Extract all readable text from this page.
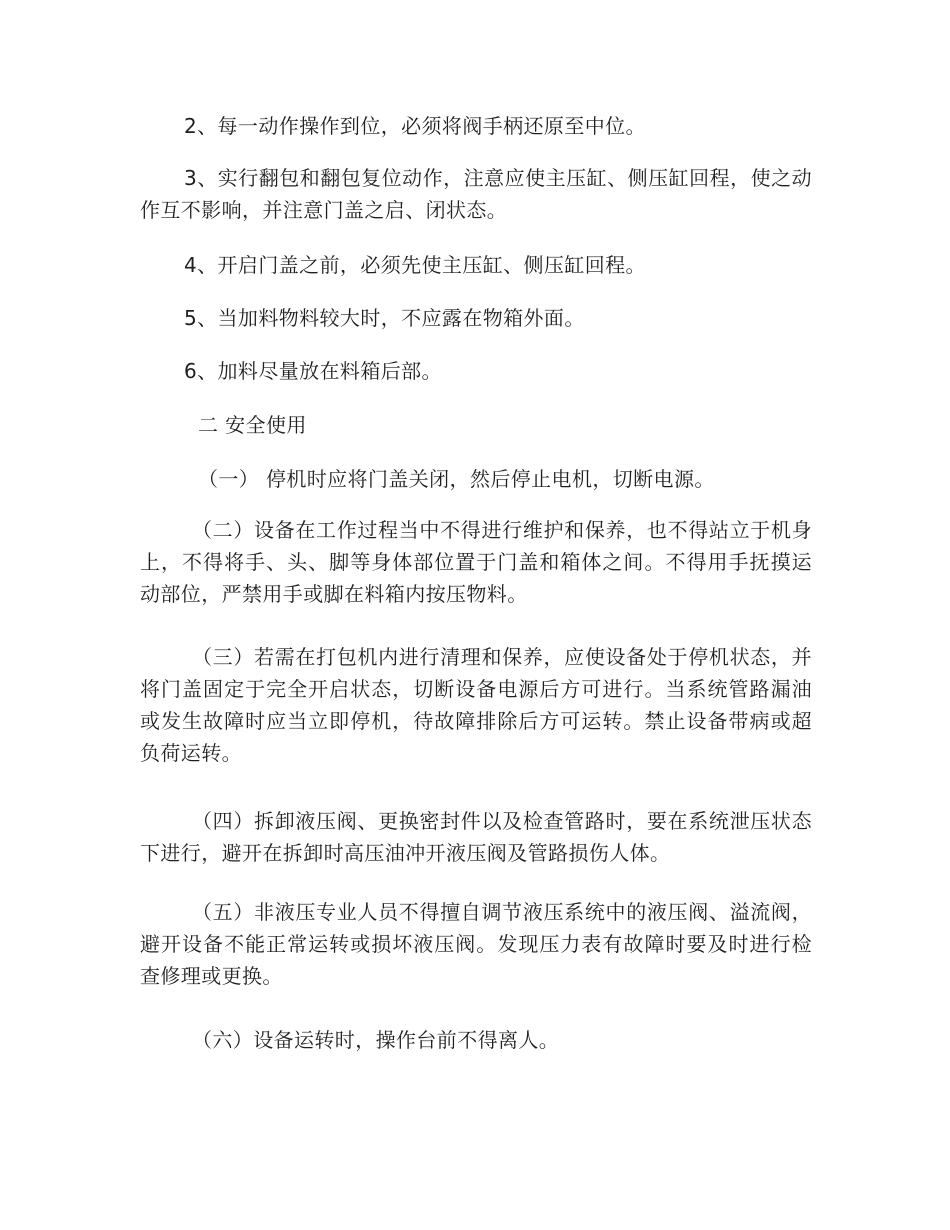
2、每一动作操作到位，必须将阀手柄还原至中位。

3、实行翻包和翻包复位动作，注意应使主压缸、侧压缸回程，使之动作互不影响，并注意门盖之启、闭状态。

4、开启门盖之前，必须先使主压缸、侧压缸回程。

5、当加料物料较大时，不应露在物箱外面。

6、加料尽量放在料箱后部。

二 安全使用

（一） 停机时应将门盖关闭，然后停止电机，切断电源。

（二）设备在工作过程当中不得进行维护和保养，也不得站立于机身上，不得将手、头、脚等身体部位置于门盖和箱体之间。不得用手抚摸运动部位，严禁用手或脚在料箱内按压物料。

（三）若需在打包机内进行清理和保养，应使设备处于停机状态，并将门盖固定于完全开启状态，切断设备电源后方可进行。当系统管路漏油或发生故障时应当立即停机，待故障排除后方可运转。禁止设备带病或超负荷运转。

（四）拆卸液压阀、更换密封件以及检查管路时，要在系统泄压状态下进行，避开在拆卸时高压油冲开液压阀及管路损伤人体。

（五）非液压专业人员不得擅自调节液压系统中的液压阀、溢流阀，避开设备不能正常运转或损坏液压阀。发现压力表有故障时要及时进行检查修理或更换。

（六）设备运转时，操作台前不得离人。
